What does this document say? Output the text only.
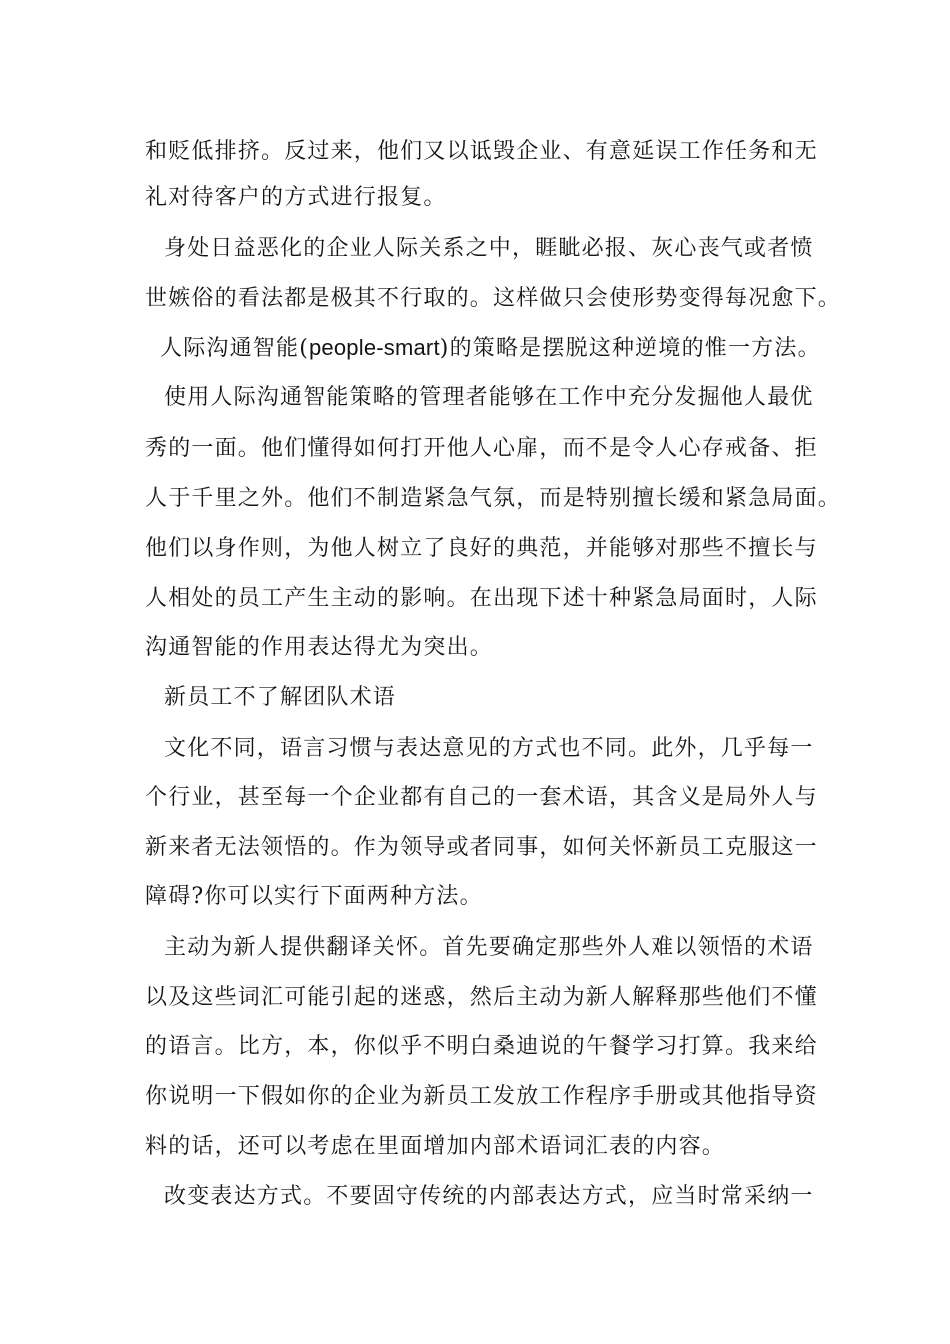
和贬低排挤。反过来，他们又以诋毁企业、有意延误工作任务和无

礼对待客户的方式进行报复。

身处日益恶化的企业人际关系之中，睚眦必报、灰心丧气或者愤

世嫉俗的看法都是极其不行取的。这样做只会使形势变得每况愈下。

人际沟通智能(people-smart)的策略是摆脱这种逆境的惟一方法。

使用人际沟通智能策略的管理者能够在工作中充分发掘他人最优

秀的一面。他们懂得如何打开他人心扉，而不是令人心存戒备、拒

人于千里之外。他们不制造紧急气氛，而是特别擅长缓和紧急局面。

他们以身作则，为他人树立了良好的典范，并能够对那些不擅长与

人相处的员工产生主动的影响。在出现下述十种紧急局面时，人际

沟通智能的作用表达得尤为突出。

新员工不了解团队术语

文化不同，语言习惯与表达意见的方式也不同。此外，几乎每一

个行业，甚至每一个企业都有自己的一套术语，其含义是局外人与

新来者无法领悟的。作为领导或者同事，如何关怀新员工克服这一

障碍?你可以实行下面两种方法。

主动为新人提供翻译关怀。首先要确定那些外人难以领悟的术语

以及这些词汇可能引起的迷惑，然后主动为新人解释那些他们不懂

的语言。比方，本，你似乎不明白桑迪说的午餐学习打算。我来给

你说明一下假如你的企业为新员工发放工作程序手册或其他指导资

料的话，还可以考虑在里面增加内部术语词汇表的内容。

改变表达方式。不要固守传统的内部表达方式，应当时常采纳一
